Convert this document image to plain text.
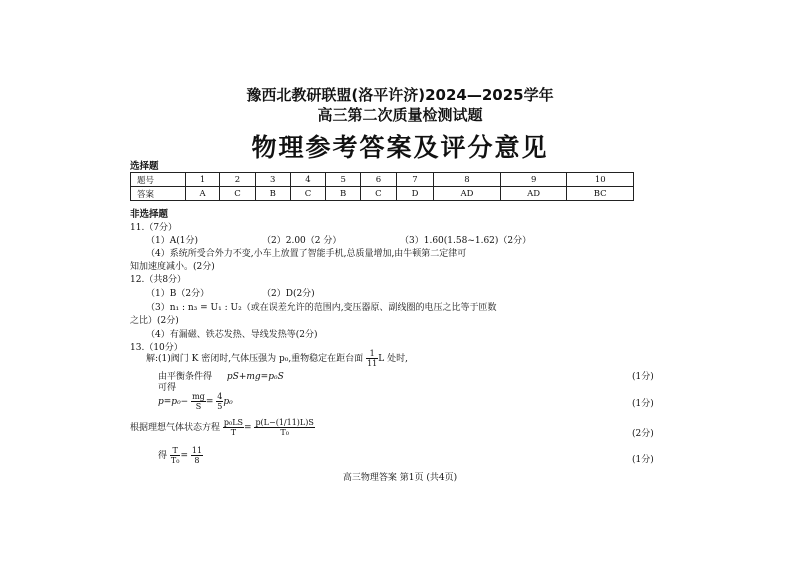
豫西北教研联盟(洛平许济)2024—2025学年
高三第二次质量检测试题
物理参考答案及评分意见
选择题
题号	1	2	3	4	5	6	7	8	9	10
答案	A	C	B	C	B	C	D	AD	AD	BC
非选择题
11.（7分）
（1）A(1分)	（2）2.00（2 分）	（3）1.60(1.58~1.62)（2分）
（4）系统所受合外力不变,小车上放置了智能手机,总质量增加,由牛顿第二定律可
知加速度减小。(2分)
12.（共8分）
（1）B（2分）	（2）D(2分)
（3）n₁ : n₃ = U₁ : U₂（或在误差允许的范围内,变压器原、副线圈的电压之比等于匝数
之比）(2分)
（4）有漏磁、铁芯发热、导线发热等(2分)
13.（10分）
解:(1)阀门 K 密闭时,气体压强为 p₀,重物稳定在距台面 $\frac{1}{11}$ L 处时,
由平衡条件得 pS+mg=p₀S	(1分)
可得
$p=p_0- \frac{mg}{S} = \frac{4}{5} p_0$	(1分)
根据理想气体状态方程 $\frac{\text{p₀LS}}{T} = \frac{p(L-(1/11)L)S}{\text{T₀}}$	(2分)
得 $\frac{T}{\text{T₀}} = \frac{11}{8}$	(1分)
高三物理答案 第1页 (共4页)
